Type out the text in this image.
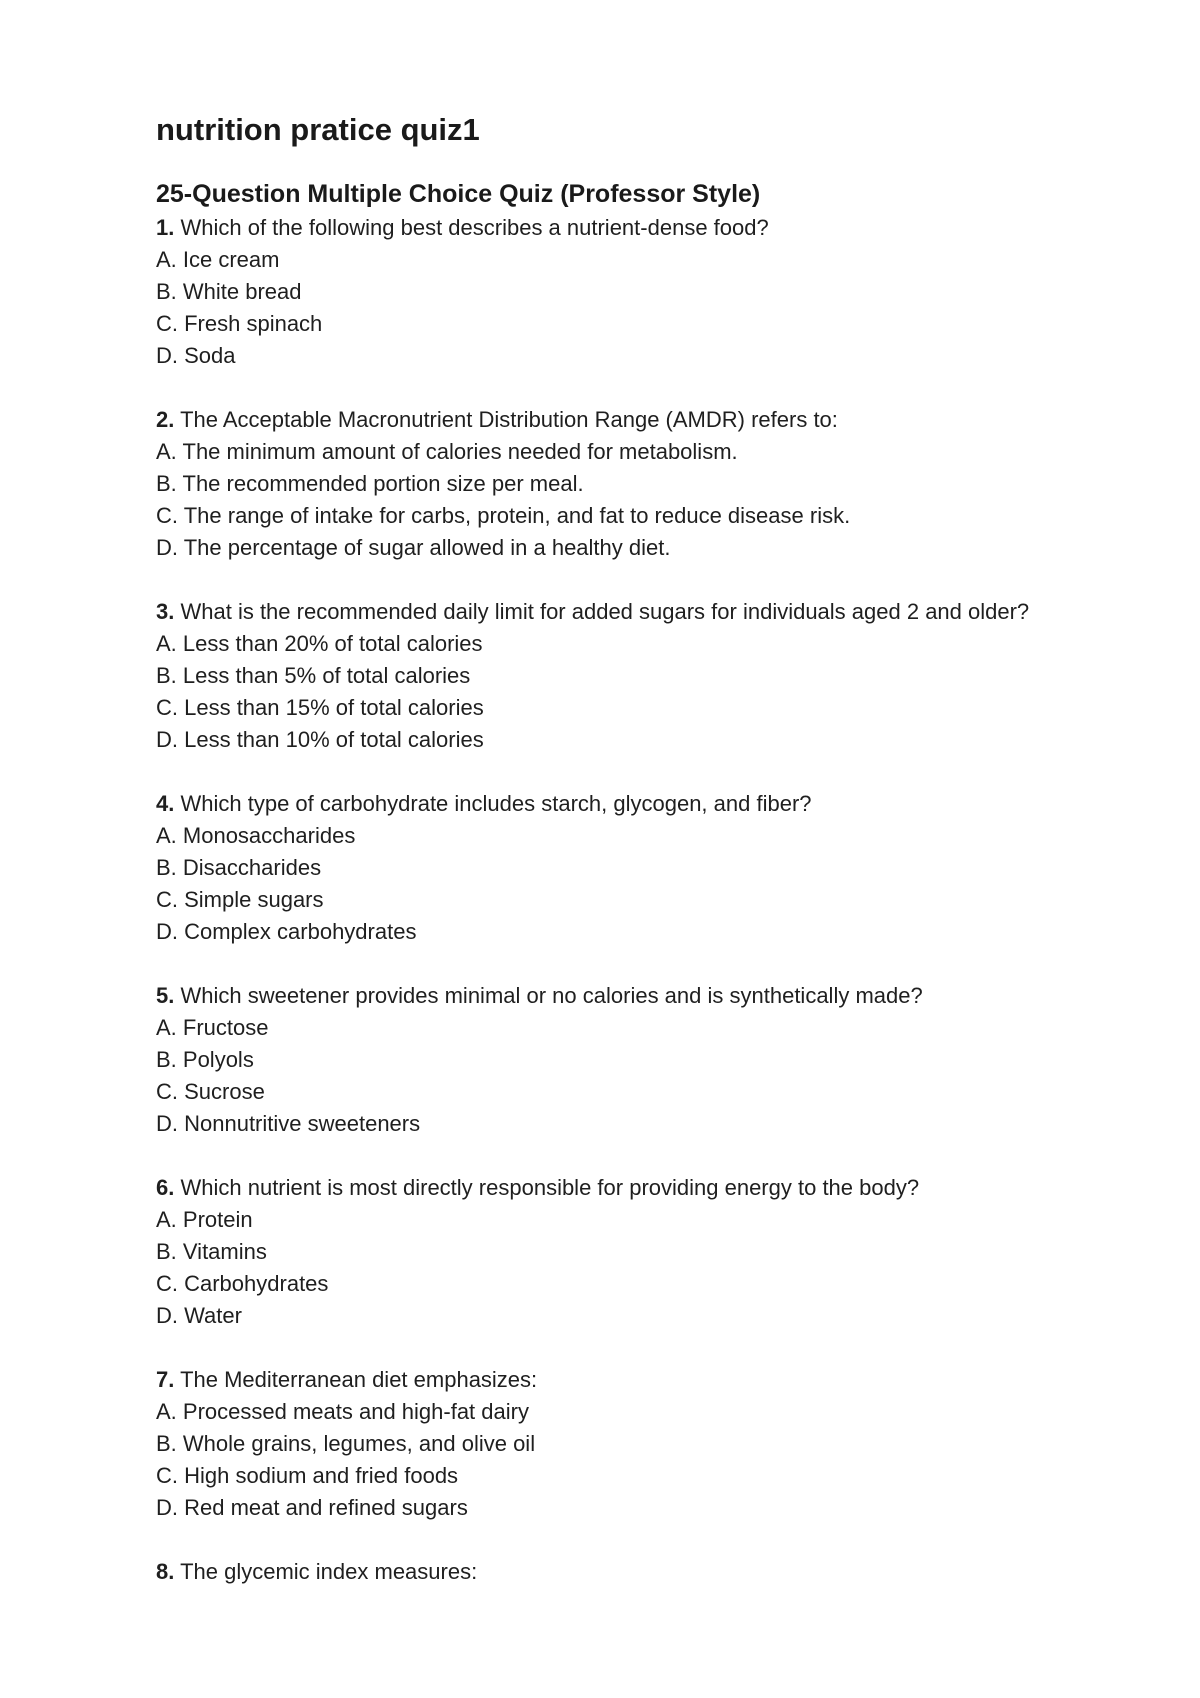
nutrition pratice quiz1
25-Question Multiple Choice Quiz (Professor Style)

1. Which of the following best describes a nutrient-dense food?

A. Ice cream

B. White bread

C. Fresh spinach

D. Soda

2. The Acceptable Macronutrient Distribution Range (AMDR) refers to:

A. The minimum amount of calories needed for metabolism.

B. The recommended portion size per meal.

C. The range of intake for carbs, protein, and fat to reduce disease risk.

D. The percentage of sugar allowed in a healthy diet.

3. What is the recommended daily limit for added sugars for individuals aged 2 and older?

A. Less than 20% of total calories

B. Less than 5% of total calories

C. Less than 15% of total calories

D. Less than 10% of total calories

4. Which type of carbohydrate includes starch, glycogen, and fiber?

A. Monosaccharides

B. Disaccharides

C. Simple sugars

D. Complex carbohydrates

5. Which sweetener provides minimal or no calories and is synthetically made?

A. Fructose

B. Polyols

C. Sucrose

D. Nonnutritive sweeteners

6. Which nutrient is most directly responsible for providing energy to the body?

A. Protein

B. Vitamins

C. Carbohydrates

D. Water

7. The Mediterranean diet emphasizes:

A. Processed meats and high-fat dairy

B. Whole grains, legumes, and olive oil

C. High sodium and fried foods

D. Red meat and refined sugars

8. The glycemic index measures:
